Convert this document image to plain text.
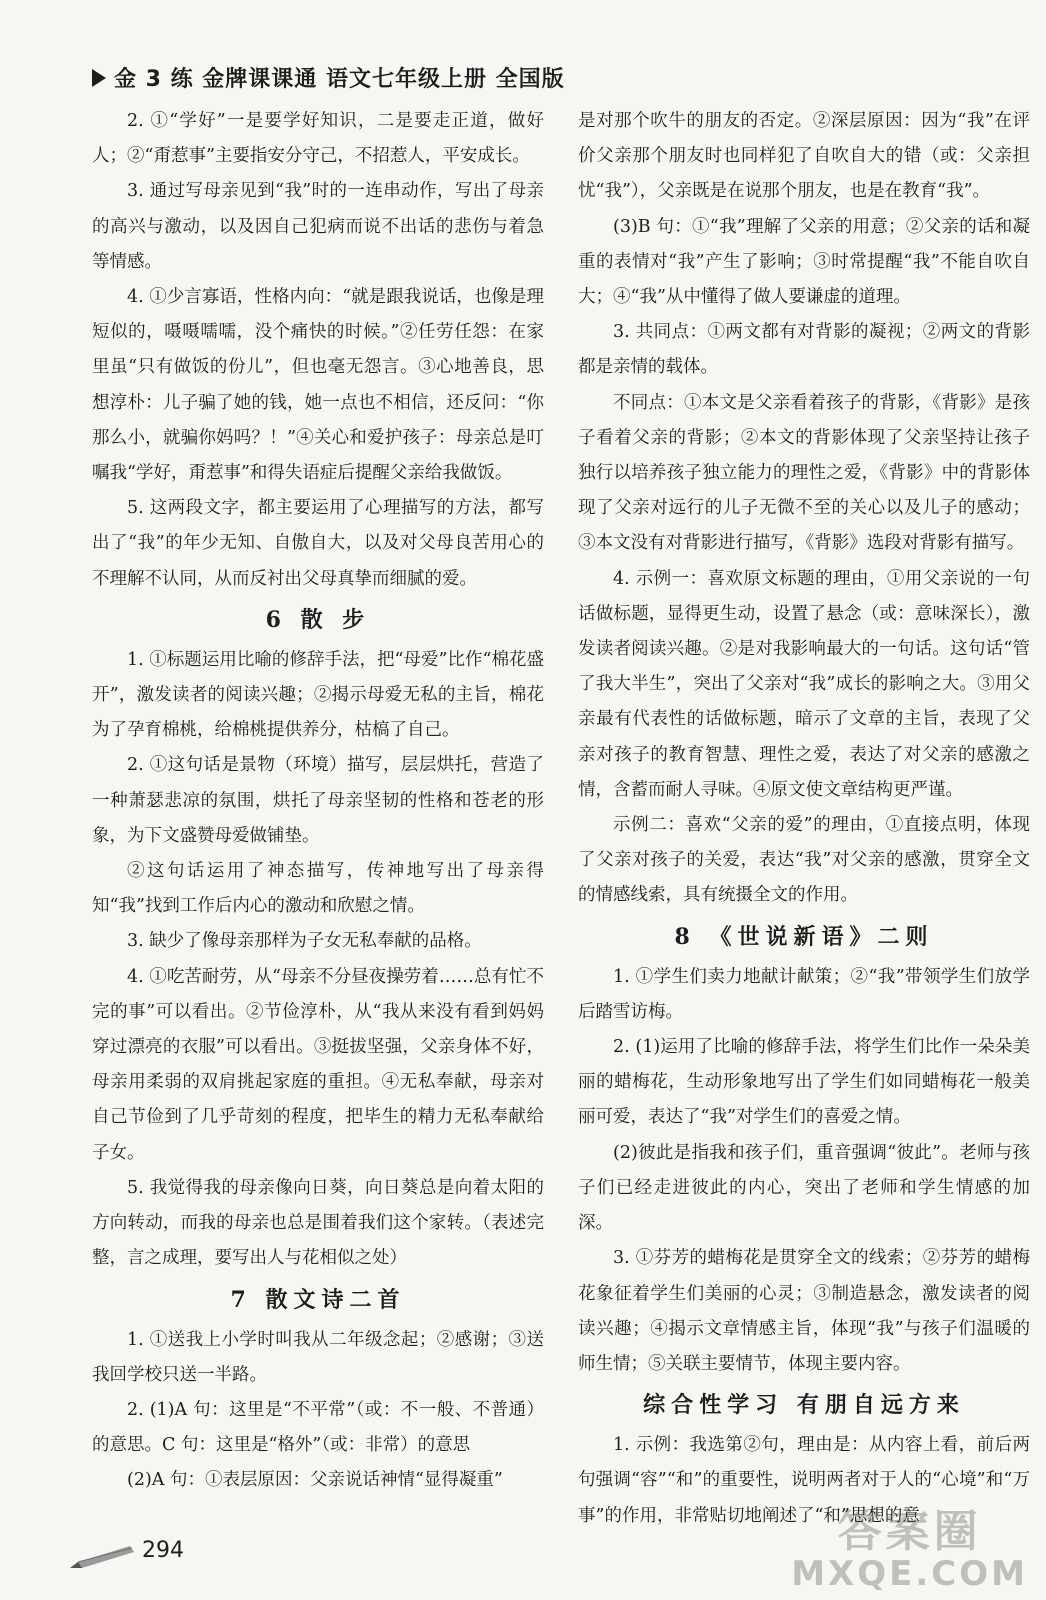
金 3 练 金牌课课通 语文七年级上册 全国版

2. ①“学好”一是要学好知识，二是要走正道，做好人；②“甭惹事”主要指安分守己，不招惹人，平安成长。

3. 通过写母亲见到“我”时的一连串动作，写出了母亲的高兴与激动，以及因自己犯病而说不出话的悲伤与着急等情感。

4. ①少言寡语，性格内向：“就是跟我说话，也像是理短似的，嗫嗫嚅嚅，没个痛快的时候。”②任劳任怨：在家里虽“只有做饭的份儿”，但也毫无怨言。③心地善良，思想淳朴：儿子骗了她的钱，她一点也不相信，还反问：“你那么小，就骗你妈吗？！”④关心和爱护孩子：母亲总是叮嘱我“学好，甭惹事”和得失语症后提醒父亲给我做饭。

5. 这两段文字，都主要运用了心理描写的方法，都写出了“我”的年少无知、自傲自大，以及对父母良苦用心的不理解不认同，从而反衬出父母真挚而细腻的爱。

6 散 步

1. ①标题运用比喻的修辞手法，把“母爱”比作“棉花盛开”，激发读者的阅读兴趣；②揭示母爱无私的主旨，棉花为了孕育棉桃，给棉桃提供养分，枯槁了自己。

2. ①这句话是景物（环境）描写，层层烘托，营造了一种萧瑟悲凉的氛围，烘托了母亲坚韧的性格和苍老的形象，为下文盛赞母爱做铺垫。

②这句话运用了神态描写，传神地写出了母亲得知“我”找到工作后内心的激动和欣慰之情。

3. 缺少了像母亲那样为子女无私奉献的品格。

4. ①吃苦耐劳，从“母亲不分昼夜操劳着……总有忙不完的事”可以看出。②节俭淳朴，从“我从来没有看到妈妈穿过漂亮的衣服”可以看出。③挺拔坚强，父亲身体不好，母亲用柔弱的双肩挑起家庭的重担。④无私奉献，母亲对自己节俭到了几乎苛刻的程度，把毕生的精力无私奉献给子女。

5. 我觉得我的母亲像向日葵，向日葵总是向着太阳的方向转动，而我的母亲也总是围着我们这个家转。（表述完整，言之成理，要写出人与花相似之处）

7 散文诗二首

1. ①送我上小学时叫我从二年级念起；②感谢；③送我回学校只送一半路。

2. (1)A 句：这里是“不平常”（或：不一般、不普通）的意思。C 句：这里是“格外”（或：非常）的意思

(2)A 句：①表层原因：父亲说话神情“显得凝重”

是对那个吹牛的朋友的否定。②深层原因：因为“我”在评价父亲那个朋友时也同样犯了自吹自大的错（或：父亲担忧“我”），父亲既是在说那个朋友，也是在教育“我”。

(3)B 句：①“我”理解了父亲的用意；②父亲的话和凝重的表情对“我”产生了影响；③时常提醒“我”不能自吹自大；④“我”从中懂得了做人要谦虚的道理。

3. 共同点：①两文都有对背影的凝视；②两文的背影都是亲情的载体。

不同点：①本文是父亲看着孩子的背影，《背影》是孩子看着父亲的背影；②本文的背影体现了父亲坚持让孩子独行以培养孩子独立能力的理性之爱，《背影》中的背影体现了父亲对远行的儿子无微不至的关心以及儿子的感动；③本文没有对背影进行描写，《背影》选段对背影有描写。

4. 示例一：喜欢原文标题的理由，①用父亲说的一句话做标题，显得更生动，设置了悬念（或：意味深长），激发读者阅读兴趣。②是对我影响最大的一句话。这句话“管了我大半生”，突出了父亲对“我”成长的影响之大。③用父亲最有代表性的话做标题，暗示了文章的主旨，表现了父亲对孩子的教育智慧、理性之爱，表达了对父亲的感激之情，含蓄而耐人寻味。④原文使文章结构更严谨。

示例二：喜欢“父亲的爱”的理由，①直接点明，体现了父亲对孩子的关爱，表达“我”对父亲的感激，贯穿全文的情感线索，具有统摄全文的作用。

8 《世说新语》二则

1. ①学生们卖力地献计献策；②“我”带领学生们放学后踏雪访梅。

2. (1)运用了比喻的修辞手法，将学生们比作一朵朵美丽的蜡梅花，生动形象地写出了学生们如同蜡梅花一般美丽可爱，表达了“我”对学生们的喜爱之情。

(2)彼此是指我和孩子们，重音强调“彼此”。老师与孩子们已经走进彼此的内心，突出了老师和学生情感的加深。

3. ①芬芳的蜡梅花是贯穿全文的线索；②芬芳的蜡梅花象征着学生们美丽的心灵；③制造悬念，激发读者的阅读兴趣；④揭示文章情感主旨，体现“我”与孩子们温暖的师生情；⑤关联主要情节，体现主要内容。

综合性学习 有朋自远方来

1. 示例：我选第②句，理由是：从内容上看，前后两句强调“容”“和”的重要性，说明两者对于人的“心境”和“万事”的作用，非常贴切地阐述了“和”思想的意

294	答案圈
MXQE.COM
